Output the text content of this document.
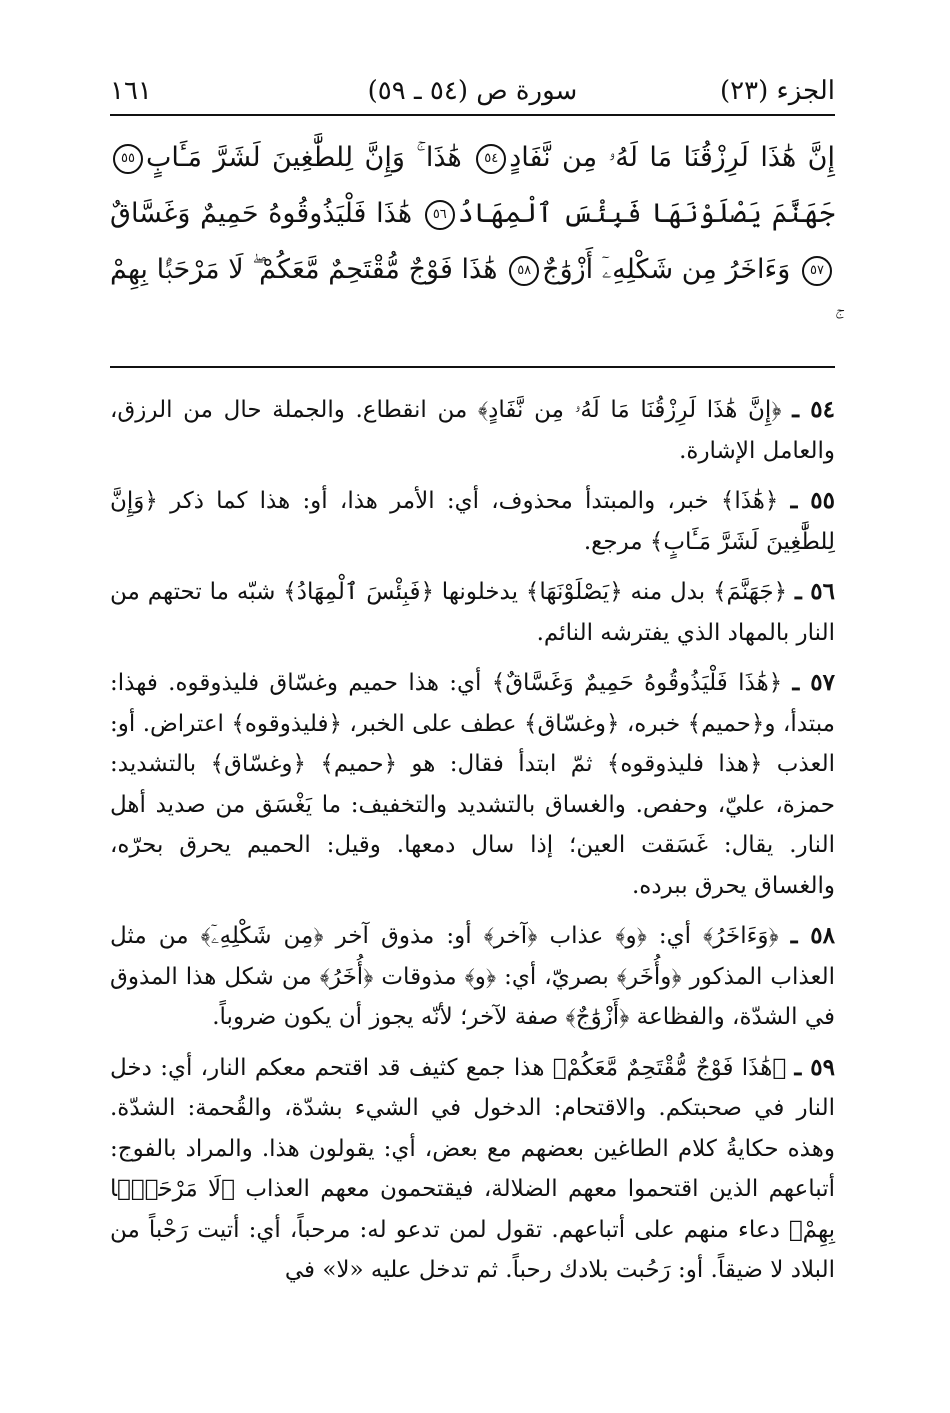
الجزء (٢٣)
سورة ص (٥٤ ـ ٥٩)
١٦١
إِنَّ هَٰذَا لَرِزْقُنَا مَا لَهُۥ مِن نَّفَادٍ٥٤ هَٰذَا ۚ وَإِنَّ لِلطَّٰغِينَ لَشَرَّ مَـَٔابٍ٥٥ جَهَنَّمَ يَصْلَوْنَهَا فَبِئْسَ ٱلْمِهَادُ٥٦ هَٰذَا فَلْيَذُوقُوهُ حَمِيمٌ وَغَسَّاقٌ٥٧ وَءَاخَرُ مِن شَكْلِهِۦٓ أَزْوَٰجٌ٥٨ هَٰذَا فَوْجٌ مُّقْتَحِمٌ مَّعَكُمْ ۖ لَا مَرْحَبًۢا بِهِمْ

٥٤ ـ ﴿إِنَّ هَٰذَا لَرِزْقُنَا مَا لَهُۥ مِن نَّفَادٍ﴾ من انقطاع. والجملة حال من الرزق، والعامل الإشارة.

٥٥ ـ ﴿هَٰذَا﴾ خبر، والمبتدأ محذوف، أي: الأمر هذا، أو: هذا كما ذكر ﴿وَإِنَّ لِلطَّٰغِينَ لَشَرَّ مَـَٔابٍ﴾ مرجع.

٥٦ ـ ﴿جَهَنَّمَ﴾ بدل منه ﴿يَصْلَوْنَهَا﴾ يدخلونها ﴿فَبِئْسَ ٱلْمِهَادُ﴾ شبّه ما تحتهم من النار بالمهاد الذي يفترشه النائم.

٥٧ ـ ﴿هَٰذَا فَلْيَذُوقُوهُ حَمِيمٌ وَغَسَّاقٌ﴾ أي: هذا حميم وغسّاق فليذوقوه. فهذا: مبتدأ، و﴿حميم﴾ خبره، ﴿وغسّاق﴾ عطف على الخبر، ﴿فليذوقوه﴾ اعتراض. أو: العذب ﴿هذا فليذوقوه﴾ ثمّ ابتدأ فقال: هو ﴿حميم﴾ ﴿وغسّاق﴾ بالتشديد: حمزة، عليّ، وحفص. والغساق بالتشديد والتخفيف: ما يَغْسَق من صديد أهل النار. يقال: غَسَقت العين؛ إذا سال دمعها. وقيل: الحميم يحرق بحرّه، والغساق يحرق ببرده.

٥٨ ـ ﴿وَءَاخَرُ﴾ أي: ﴿و﴾ عذاب ﴿آخر﴾ أو: مذوق آخر ﴿مِن شَكْلِهِۦٓ﴾ من مثل العذاب المذكور ﴿وأُخَر﴾ بصريّ، أي: ﴿و﴾ مذوقات ﴿أُخَرُ﴾ من شكل هذا المذوق في الشدّة، والفظاعة ﴿أَزْوَٰجٌ﴾ صفة لآخر؛ لأنّه يجوز أن يكون ضروباً.

٥٩ ـ ﴿هَٰذَا فَوْجٌ مُّقْتَحِمٌ مَّعَكُمْ﴾ هذا جمع كثيف قد اقتحم معكم النار، أي: دخل النار في صحبتكم. والاقتحام: الدخول في الشيء بشدّة، والقُحمة: الشدّة. وهذه حكايةُ كلام الطاغين بعضهم مع بعض، أي: يقولون هذا. والمراد بالفوج: أتباعهم الذين اقتحموا معهم الضلالة، فيقتحمون معهم العذاب ﴿لَا مَرْحَبًۢا بِهِمْ﴾ دعاء منهم على أتباعهم. تقول لمن تدعو له: مرحباً، أي: أتيت رَحْباً من البلاد لا ضيقاً. أو: رَحُبت بلادك رحباً. ثم تدخل عليه «لا» في
